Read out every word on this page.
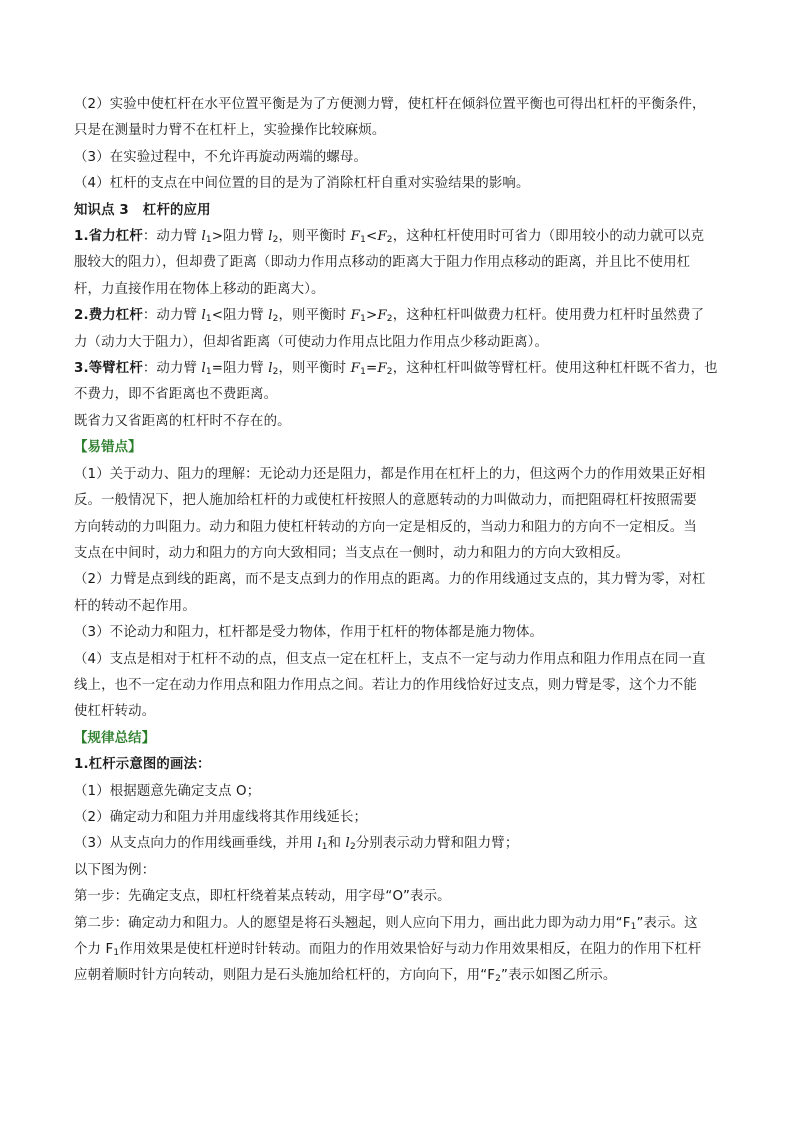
（2）实验中使杠杆在水平位置平衡是为了方便测力臂，使杠杆在倾斜位置平衡也可得出杠杆的平衡条件，
只是在测量时力臂不在杠杆上，实验操作比较麻烦。
（3）在实验过程中，不允许再旋动两端的螺母。
（4）杠杆的支点在中间位置的目的是为了消除杠杆自重对实验结果的影响。
知识点 3 杠杆的应用
1.省力杠杆：动力臂 $l_1>$阻力臂 $l_2$，则平衡时 $F_1<F_2$，这种杠杆使用时可省力（即用较小的动力就可以克
服较大的阻力），但却费了距离（即动力作用点移动的距离大于阻力作用点移动的距离，并且比不使用杠
杆，力直接作用在物体上移动的距离大）。
2.费力杠杆：动力臂 $l_1<$阻力臂 $l_2$，则平衡时 $F_1>F_2$，这种杠杆叫做费力杠杆。使用费力杠杆时虽然费了
力（动力大于阻力），但却省距离（可使动力作用点比阻力作用点少移动距离）。
3.等臂杠杆：动力臂 $l_1=$阻力臂 $l_2$，则平衡时 $F_1=F_2$，这种杠杆叫做等臂杠杆。使用这种杠杆既不省力，也
不费力，即不省距离也不费距离。
既省力又省距离的杠杆时不存在的。
【易错点】
（1）关于动力、阻力的理解：无论动力还是阻力，都是作用在杠杆上的力，但这两个力的作用效果正好相
反。一般情况下，把人施加给杠杆的力或使杠杆按照人的意愿转动的力叫做动力，而把阻碍杠杆按照需要
方向转动的力叫阻力。动力和阻力使杠杆转动的方向一定是相反的，当动力和阻力的方向不一定相反。当
支点在中间时，动力和阻力的方向大致相同；当支点在一侧时，动力和阻力的方向大致相反。
（2）力臂是点到线的距离，而不是支点到力的作用点的距离。力的作用线通过支点的，其力臂为零，对杠
杆的转动不起作用。
（3）不论动力和阻力，杠杆都是受力物体，作用于杠杆的物体都是施力物体。
（4）支点是相对于杠杆不动的点，但支点一定在杠杆上，支点不一定与动力作用点和阻力作用点在同一直
线上，也不一定在动力作用点和阻力作用点之间。若让力的作用线恰好过支点，则力臂是零，这个力不能
使杠杆转动。
【规律总结】
1.杠杆示意图的画法：
（1）根据题意先确定支点 O；
（2）确定动力和阻力并用虚线将其作用线延长；
（3）从支点向力的作用线画垂线，并用 $l_1$和 $l_2$分别表示动力臂和阻力臂；
以下图为例：
第一步：先确定支点，即杠杆绕着某点转动，用字母“O”表示。
第二步：确定动力和阻力。人的愿望是将石头翘起，则人应向下用力，画出此力即为动力用“$F_1$”表示。这
个力 $F_1$作用效果是使杠杆逆时针转动。而阻力的作用效果恰好与动力作用效果相反，在阻力的作用下杠杆
应朝着顺时针方向转动，则阻力是石头施加给杠杆的，方向向下，用“$F_2$”表示如图乙所示。
